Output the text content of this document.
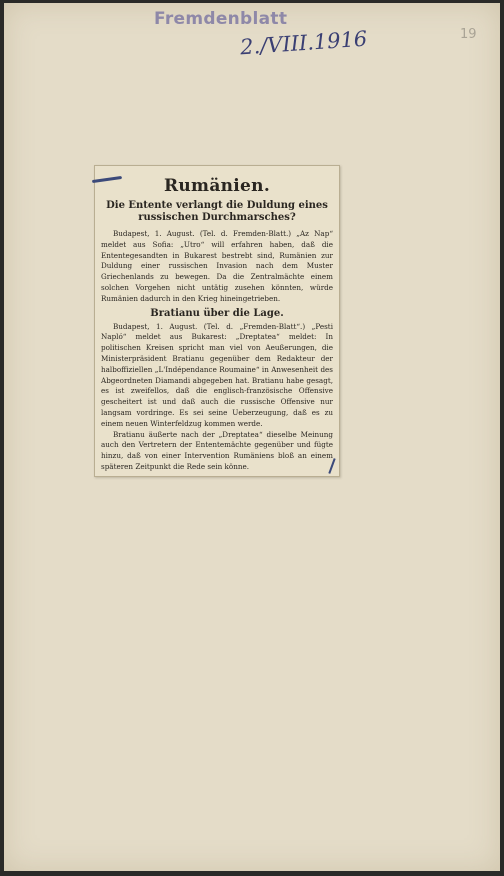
Fremdenblatt
2./VIII.1916	19
Rumänien.
Die Entente verlangt die Duldung eines russischen Durchmarsches?

Budapest, 1. August. (Tel. d. Fremden-Blatt.) „Az Nap“ meldet aus Sofia: „Utro“ will erfahren haben, daß die Ententegesandten in Bukarest bestrebt sind, Rumänien zur Duldung einer russischen Invasion nach dem Muster Griechenlands zu bewegen. Da die Zentralmächte einem solchen Vorgehen nicht untätig zusehen könnten, würde Rumänien dadurch in den Krieg hineingetrieben.

Bratianu über die Lage.

Budapest, 1. August. (Tel. d. „Fremden-Blatt“.) „Pesti Napló“ meldet aus Bukarest: „Dreptatea“ meldet: In politischen Kreisen spricht man viel von Aeußerungen, die Ministerpräsident Bratianu gegenüber dem Redakteur der halboffiziellen „L'Indépendance Roumaine“ in Anwesenheit des Abgeordneten Diamandi abgegeben hat. Bratianu habe gesagt, es ist zweifellos, daß die englisch-französische Offensive gescheitert ist und daß auch die russische Offensive nur langsam vordringe. Es sei seine Ueberzeugung, daß es zu einem neuen Winterfeldzug kommen werde.

Bratianu äußerte nach der „Dreptatea“ dieselbe Meinung auch den Vertretern der Ententemächte gegenüber und fügte hinzu, daß von einer Intervention Rumäniens bloß an einem späteren Zeitpunkt die Rede sein könne.
